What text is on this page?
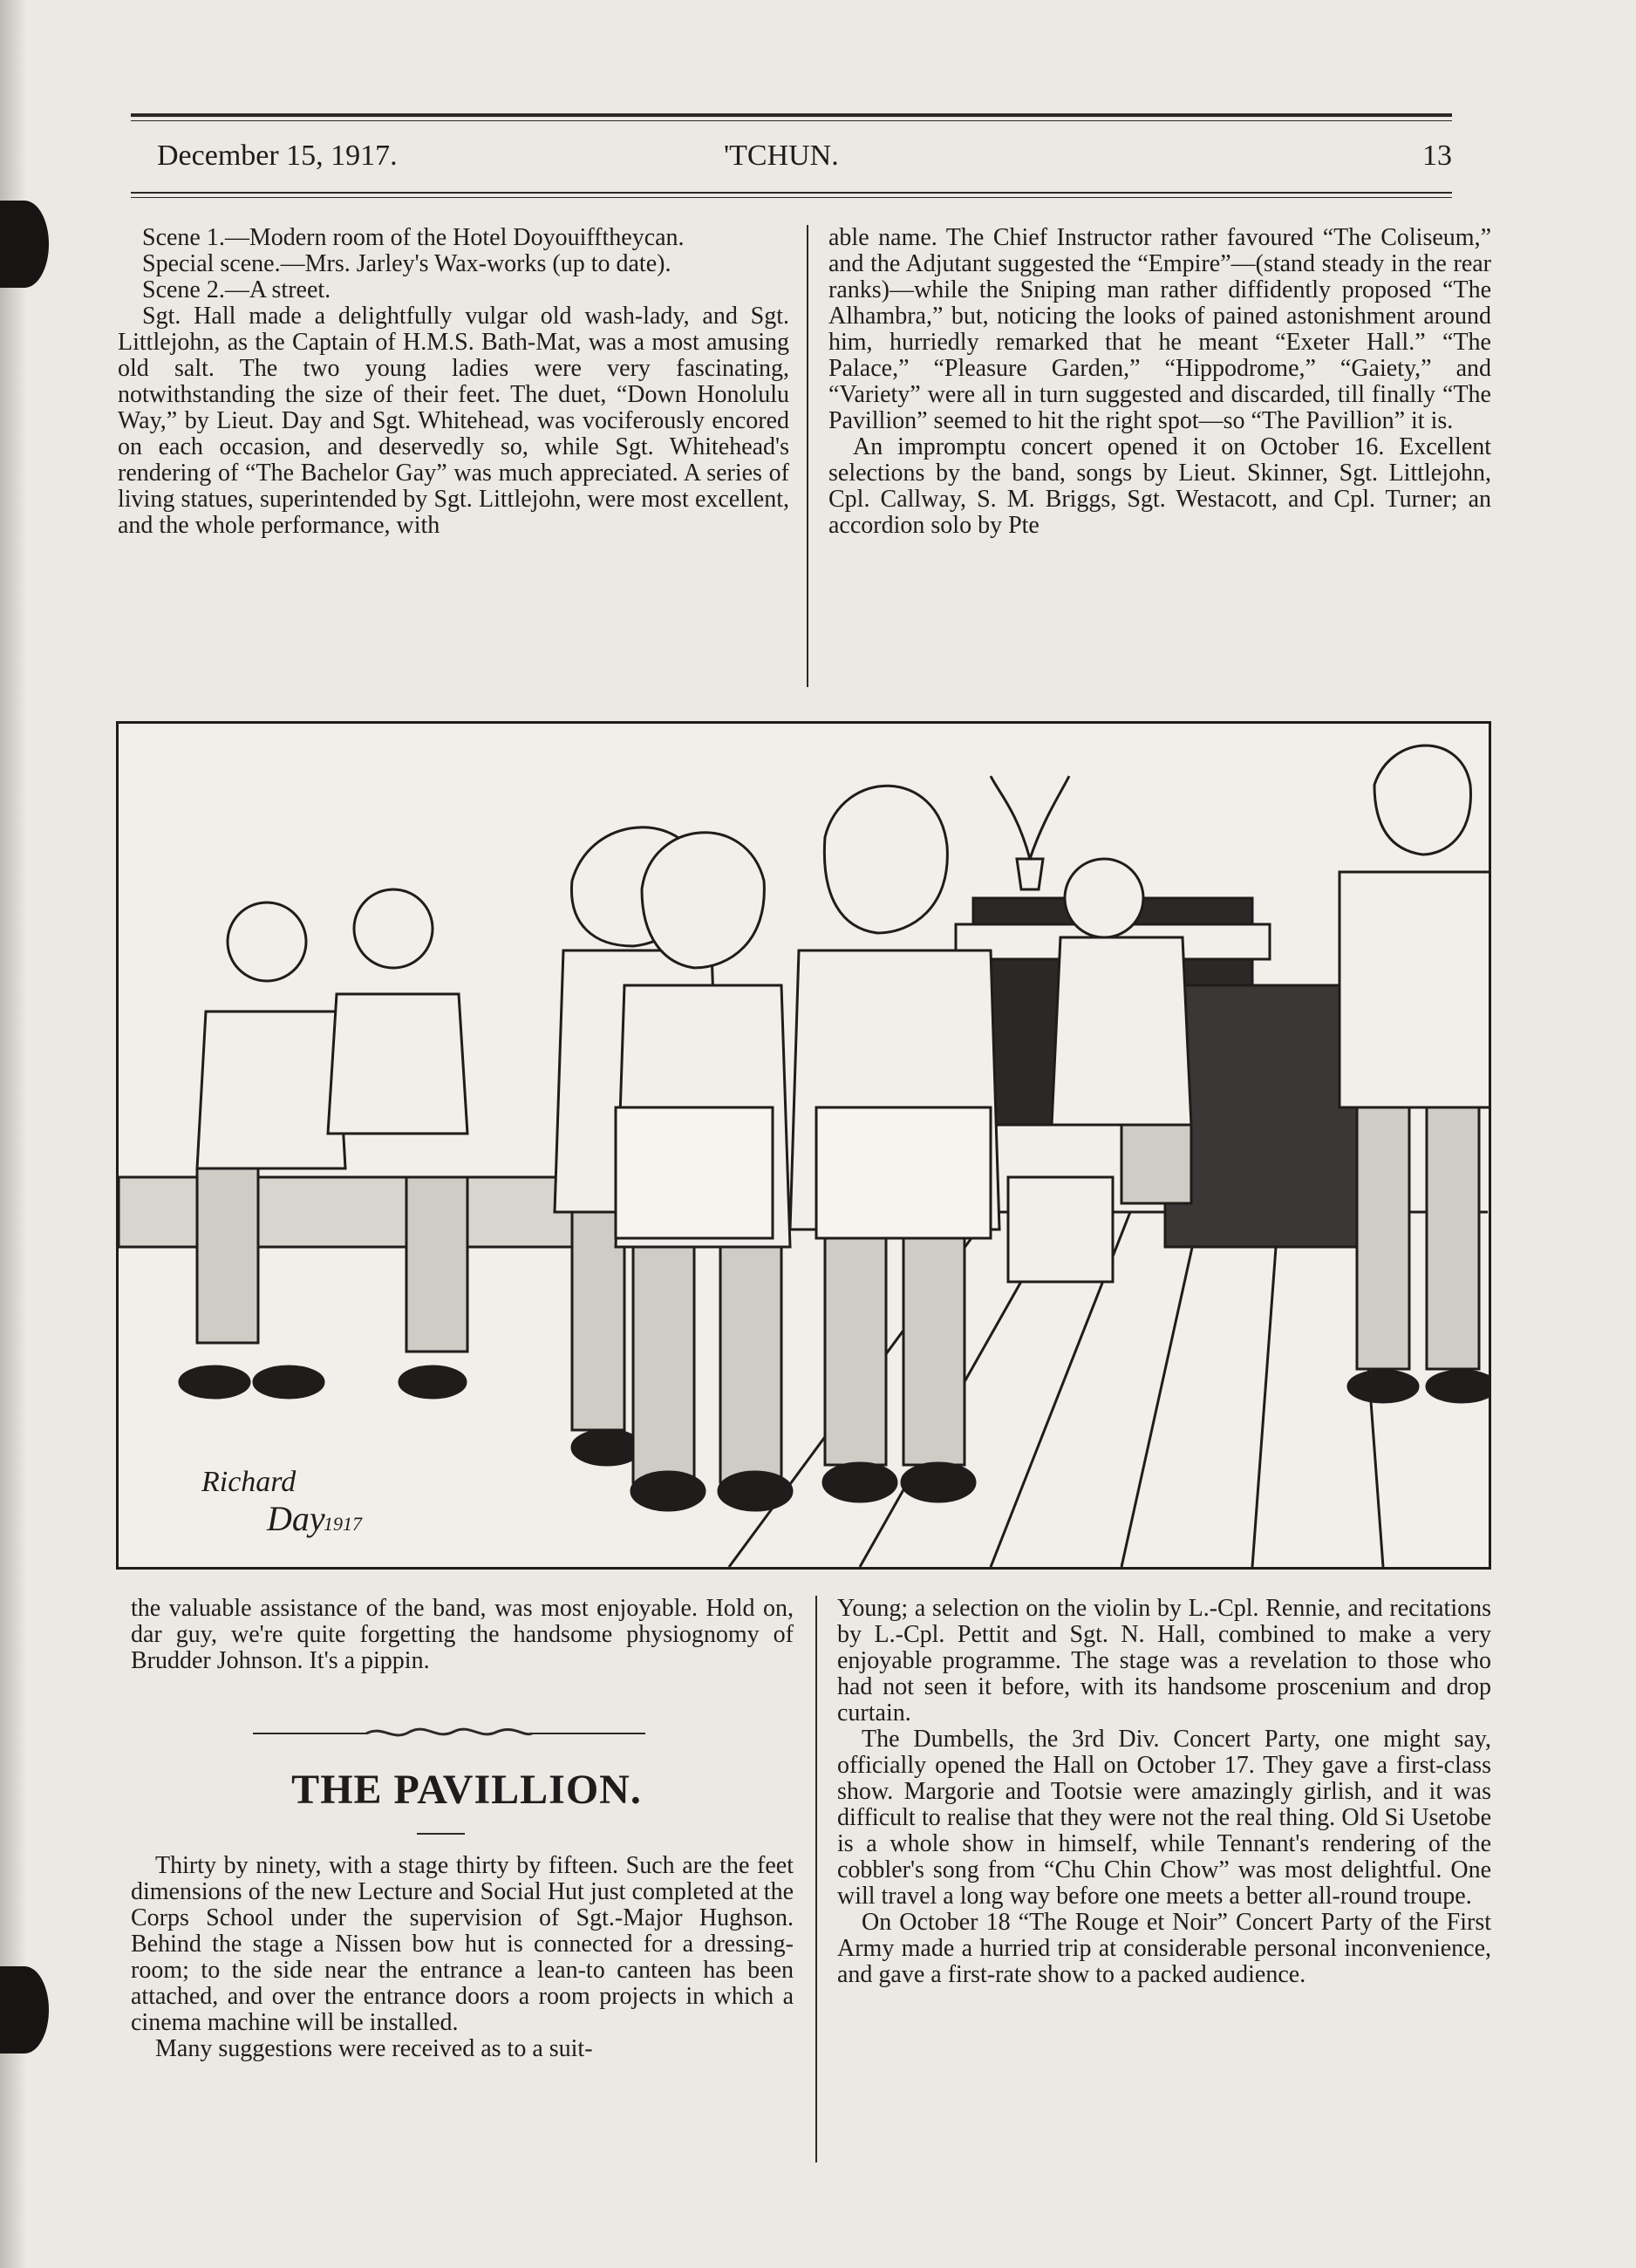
December 15, 1917.	'TCHUN.	13

Scene 1.—Modern room of the Hotel Doyouifftheycan.

Special scene.—Mrs. Jarley's Wax-works (up to date).

Scene 2.—A street.

Sgt. Hall made a delightfully vulgar old wash-lady, and Sgt. Littlejohn, as the Captain of H.M.S. Bath-Mat, was a most amusing old salt. The two young ladies were very fascinating, notwithstanding the size of their feet. The duet, “Down Honolulu Way,” by Lieut. Day and Sgt. Whitehead, was vociferously encored on each occasion, and deservedly so, while Sgt. Whitehead's rendering of “The Bachelor Gay” was much appreciated. A series of living statues, superintended by Sgt. Littlejohn, were most excellent, and the whole performance, with

able name. The Chief Instructor rather favoured “The Coliseum,” and the Adjutant suggested the “Empire”—(stand steady in the rear ranks)—while the Sniping man rather diffidently proposed “The Alhambra,” but, noticing the looks of pained astonishment around him, hurriedly remarked that he meant “Exeter Hall.” “The Palace,” “Pleasure Garden,” “Hippodrome,” “Gaiety,” and “Variety” were all in turn suggested and discarded, till finally “The Pavillion” seemed to hit the right spot—so “The Pavillion” it is.

An impromptu concert opened it on October 16. Excellent selections by the band, songs by Lieut. Skinner, Sgt. Littlejohn, Cpl. Callway, S. M. Briggs, Sgt. Westacott, and Cpl. Turner; an accordion solo by Pte

Richard
Day
1917

the valuable assistance of the band, was most enjoyable. Hold on, dar guy, we're quite forgetting the handsome physiognomy of Brudder Johnson. It's a pippin.

THE PAVILLION.

Thirty by ninety, with a stage thirty by fifteen. Such are the feet dimensions of the new Lecture and Social Hut just completed at the Corps School under the supervision of Sgt.-Major Hughson. Behind the stage a Nissen bow hut is connected for a dressing-room; to the side near the entrance a lean-to canteen has been attached, and over the entrance doors a room projects in which a cinema machine will be installed.

Many suggestions were received as to a suit-

Young; a selection on the violin by L.-Cpl. Rennie, and recitations by L.-Cpl. Pettit and Sgt. N. Hall, combined to make a very enjoyable programme. The stage was a revelation to those who had not seen it before, with its handsome proscenium and drop curtain.

The Dumbells, the 3rd Div. Concert Party, one might say, officially opened the Hall on October 17. They gave a first-class show. Margorie and Tootsie were amazingly girlish, and it was difficult to realise that they were not the real thing. Old Si Usetobe is a whole show in himself, while Tennant's rendering of the cobbler's song from “Chu Chin Chow” was most delightful. One will travel a long way before one meets a better all-round troupe.

On October 18 “The Rouge et Noir” Concert Party of the First Army made a hurried trip at considerable personal inconvenience, and gave a first-rate show to a packed audience.
